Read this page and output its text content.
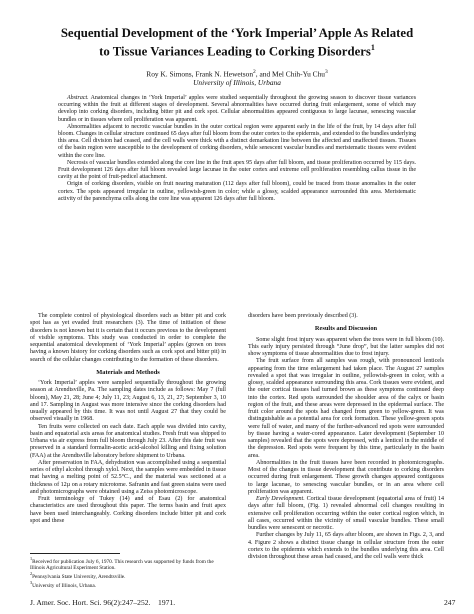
Sequential Development of the ‘York Imperial’ Apple As Related
to Tissue Variances Leading to Corking Disorders$^1$
Roy K. Simons, Frank N. Hewetson$^2$, and Mel Chih-Yu Chu$^3$
University of Illinois, Urbana

Abstract. Anatomical changes in ‘York Imperial’ apples were studied sequentially throughout the growing season to discover tissue variances occurring within the fruit at different stages of development. Several abnormalities have occurred during fruit enlargement, some of which may develop into corking disorders, including bitter pit and cork spot. Cellular abnormalities appeared contiguous to large lacunae, senescing vascular bundles or in tissues where cell proliferation was apparent.

Abnormalities adjacent to necrotic vascular bundles in the outer cortical region were apparent early in the life of the fruit, by 14 days after full bloom. Changes in cellular structure continued 65 days after full bloom from the outer cortex to the epidermis, and extended to the bundles underlying this area. Cell division had ceased, and the cell walls were thick with a distinct demarkation line between the affected and unaffected tissues. Tissues of the basin region were susceptible to the development of corking disorders, while senescent vascular bundles and meristematic tissues were evident within the core line.

Necrosis of vascular bundles extended along the core line in the fruit apex 95 days after full bloom, and tissue proliferation occurred by 115 days. Fruit development 126 days after full bloom revealed large lacunae in the outer cortex and extreme cell proliferation resembling callus tissue in the cavity at the point of fruit-pedicel attachment.

Origin of corking disorders, visible on fruit nearing maturation (112 days after full bloom), could be traced from tissue anomalies in the outer cortex. The spots appeared irregular in outline, yellowish-green in color; while a glossy, scalded appearance surrounded this area. Meristematic activity of the parenchyma cells along the core line was apparent 126 days after full bloom.

The complete control of physiological disorders such as bitter pit and cork spot has as yet evaded fruit researchers (3). The time of initiation of these disorders is not known but it is certain that it occurs previous to the development of visible symptoms. This study was conducted in order to complete the sequential anatomical development of ‘York Imperial’ apples (grown on trees having a known history for corking disorders such as cork spot and bitter pit) in search of the cellular changes contributing to the formation of these disorders.

Materials and Methods

‘York Imperial’ apples were sampled sequentially throughout the growing season at Arendtsville, Pa. The sampling dates include as follows: May 7 (full bloom), May 21, 28; June 4; July 11, 23; August 6, 13, 21, 27; September 3, 10 and 17. Sampling in August was more intensive since the corking disorders had usually appeared by this time. It was not until August 27 that they could be observed visually in 1968.

Ten fruits were collected on each date. Each apple was divided into cavity, basin and equatorial axis areas for anatomical studies. Fresh fruit was shipped to Urbana via air express from full bloom through July 23. After this date fruit was preserved in a standard formalin-acetic acid-alcohol killing and fixing solution (FAA) at the Arendtsville laboratory before shipment to Urbana.

After preservation in FAA, dehydration was accomplished using a sequential series of ethyl alcohol through xylol. Next, the samples were embedded in tissue mat having a melting point of 52.5°C., and the material was sectioned at a thickness of 12µ on a rotary microtome. Safranin and fast green stains were used and photomicrographs were obtained using a Zeiss photomicroscope.

Fruit terminology of Tukey (14) and of Esau (2) for anatomical characteristics are used throughout this paper. The terms basin and fruit apex have been used interchangeably. Corking disorders include bitter pit and cork spot and these

$^1$Received for publication July 6, 1970. This research was supported by funds from the Illinois Agricultural Experiment Station.
$^2$Pennsylvania State University, Arendtsville.
$^3$University of Illinois, Urbana.

disorders have been previously described (3).

Results and Discussion

Some slight frost injury was apparent when the trees were in full bloom (10). This early injury persisted through “June drop”, but the latter samples did not show symptoms of tissue abnormalities due to frost injury.

The fruit surface from all samples was rough, with pronounced lenticels appearing from the time enlargement had taken place. The August 27 samples revealed a spot that was irregular in outline, yellowish-green in color, with a glossy, scalded appearance surrounding this area. Cork tissues were evident, and the outer cortical tissues had turned brown as these symptoms continued deep into the cortex. Red spots surrounded the shoulder area of the calyx or basin region of the fruit, and these areas were depressed in the epidermal surface. The fruit color around the spots had changed from green to yellow-green. It was distinguishable as a potential area for cork formation. These yellow-green spots were full of water, and many of the further-advanced red spots were surrounded by tissue having a water-cored appearance. Later development (September 10 samples) revealed that the spots were depressed, with a lenticel in the middle of the depression. Red spots were frequent by this time, particularly in the basin area.

Abnormalities in the fruit tissues have been recorded in photomicrographs. Most of the changes in tissue development that contribute to corking disorders occurred during fruit enlargement. These growth changes appeared contiguous to large lacunae, to senescing vascular bundles, or in an area where cell proliferation was apparent.

Early Development. Cortical tissue development (equatorial area of fruit) 14 days after full bloom, (Fig. 1) revealed abnormal cell changes resulting in extensive cell proliferation occurring within the outer cortical region which, in all cases, occurred within the vicinity of small vascular bundles. These small bundles were senescent or necrotic.

Further changes by July 11, 65 days after bloom, are shown in Figs. 2, 3, and 4. Figure 2 shows a distinct tissue change in cellular structure from the outer cortex to the epidermis which extends to the bundles underlying this area. Cell division throughout these areas had ceased, and the cell walls were thick

J. Amer. Soc. Hort. Sci. 96(2):247–252.    1971.	247
